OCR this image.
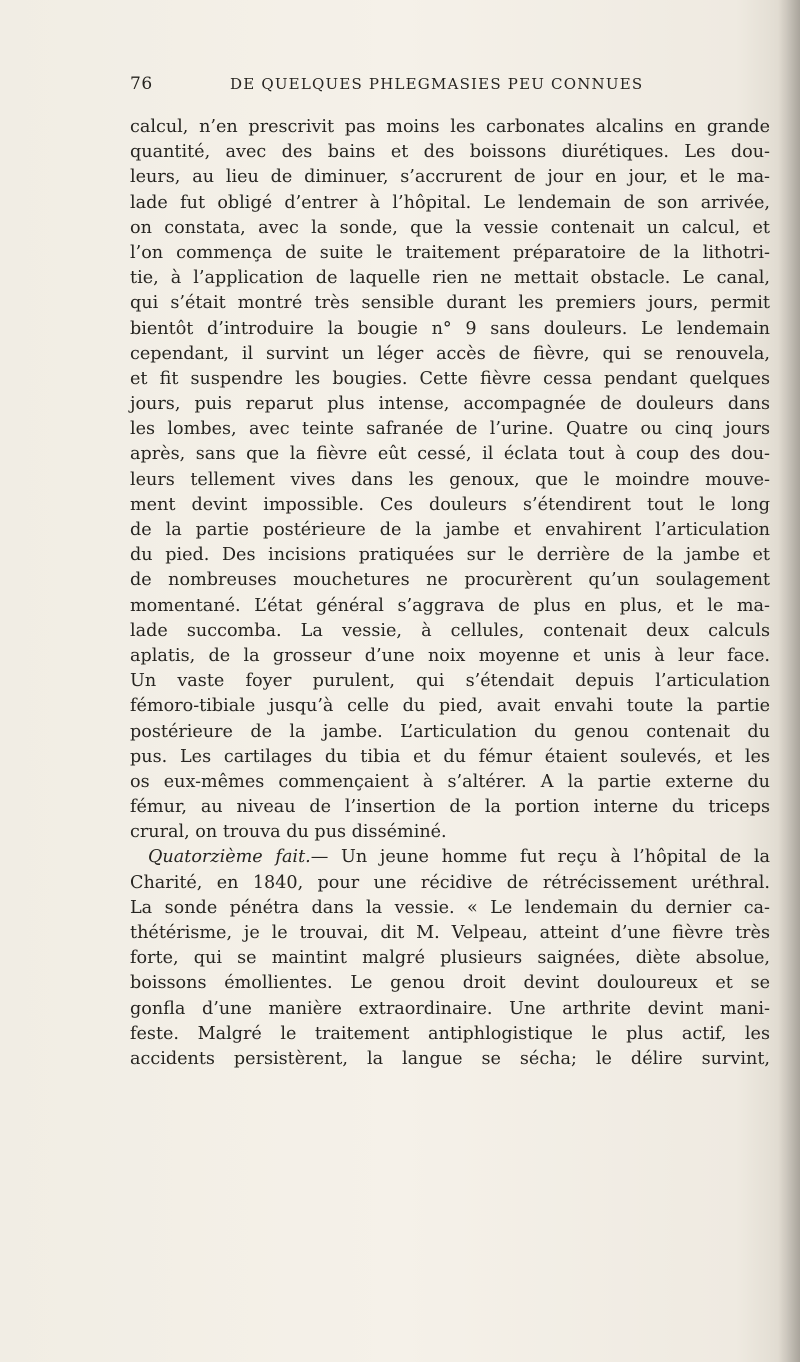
76	DE QUELQUES PHLEGMASIES PEU CONNUES
calcul, n’en prescrivit pas moins les carbonates alcalins en grande
quantité, avec des bains et des boissons diurétiques. Les dou-
leurs, au lieu de diminuer, s’accrurent de jour en jour, et le ma-
lade fut obligé d’entrer à l’hôpital. Le lendemain de son arrivée,
on constata, avec la sonde, que la vessie contenait un calcul, et
l’on commença de suite le traitement préparatoire de la lithotri-
tie, à l’application de laquelle rien ne mettait obstacle. Le canal,
qui s’était montré très sensible durant les premiers jours, permit
bientôt d’introduire la bougie n° 9 sans douleurs. Le lendemain
cependant, il survint un léger accès de fièvre, qui se renouvela,
et fit suspendre les bougies. Cette fièvre cessa pendant quelques
jours, puis reparut plus intense, accompagnée de douleurs dans
les lombes, avec teinte safranée de l’urine. Quatre ou cinq jours
après, sans que la fièvre eût cessé, il éclata tout à coup des dou-
leurs tellement vives dans les genoux, que le moindre mouve-
ment devint impossible. Ces douleurs s’étendirent tout le long
de la partie postérieure de la jambe et envahirent l’articulation
du pied. Des incisions pratiquées sur le derrière de la jambe et
de nombreuses mouchetures ne procurèrent qu’un soulagement
momentané. L’état général s’aggrava de plus en plus, et le ma-
lade succomba. La vessie, à cellules, contenait deux calculs
aplatis, de la grosseur d’une noix moyenne et unis à leur face.
Un vaste foyer purulent, qui s’étendait depuis l’articulation
fémoro-tibiale jusqu’à celle du pied, avait envahi toute la partie
postérieure de la jambe. L’articulation du genou contenait du
pus. Les cartilages du tibia et du fémur étaient soulevés, et les
os eux-mêmes commençaient à s’altérer. A la partie externe du
fémur, au niveau de l’insertion de la portion interne du triceps
crural, on trouva du pus disséminé.
Quatorzième fait.— Un jeune homme fut reçu à l’hôpital de la
Charité, en 1840, pour une récidive de rétrécissement uréthral.
La sonde pénétra dans la vessie. « Le lendemain du dernier ca-
thétérisme, je le trouvai, dit M. Velpeau, atteint d’une fièvre très
forte, qui se maintint malgré plusieurs saignées, diète absolue,
boissons émollientes. Le genou droit devint douloureux et se
gonfla d’une manière extraordinaire. Une arthrite devint mani-
feste. Malgré le traitement antiphlogistique le plus actif, les
accidents persistèrent, la langue se sécha; le délire survint,
